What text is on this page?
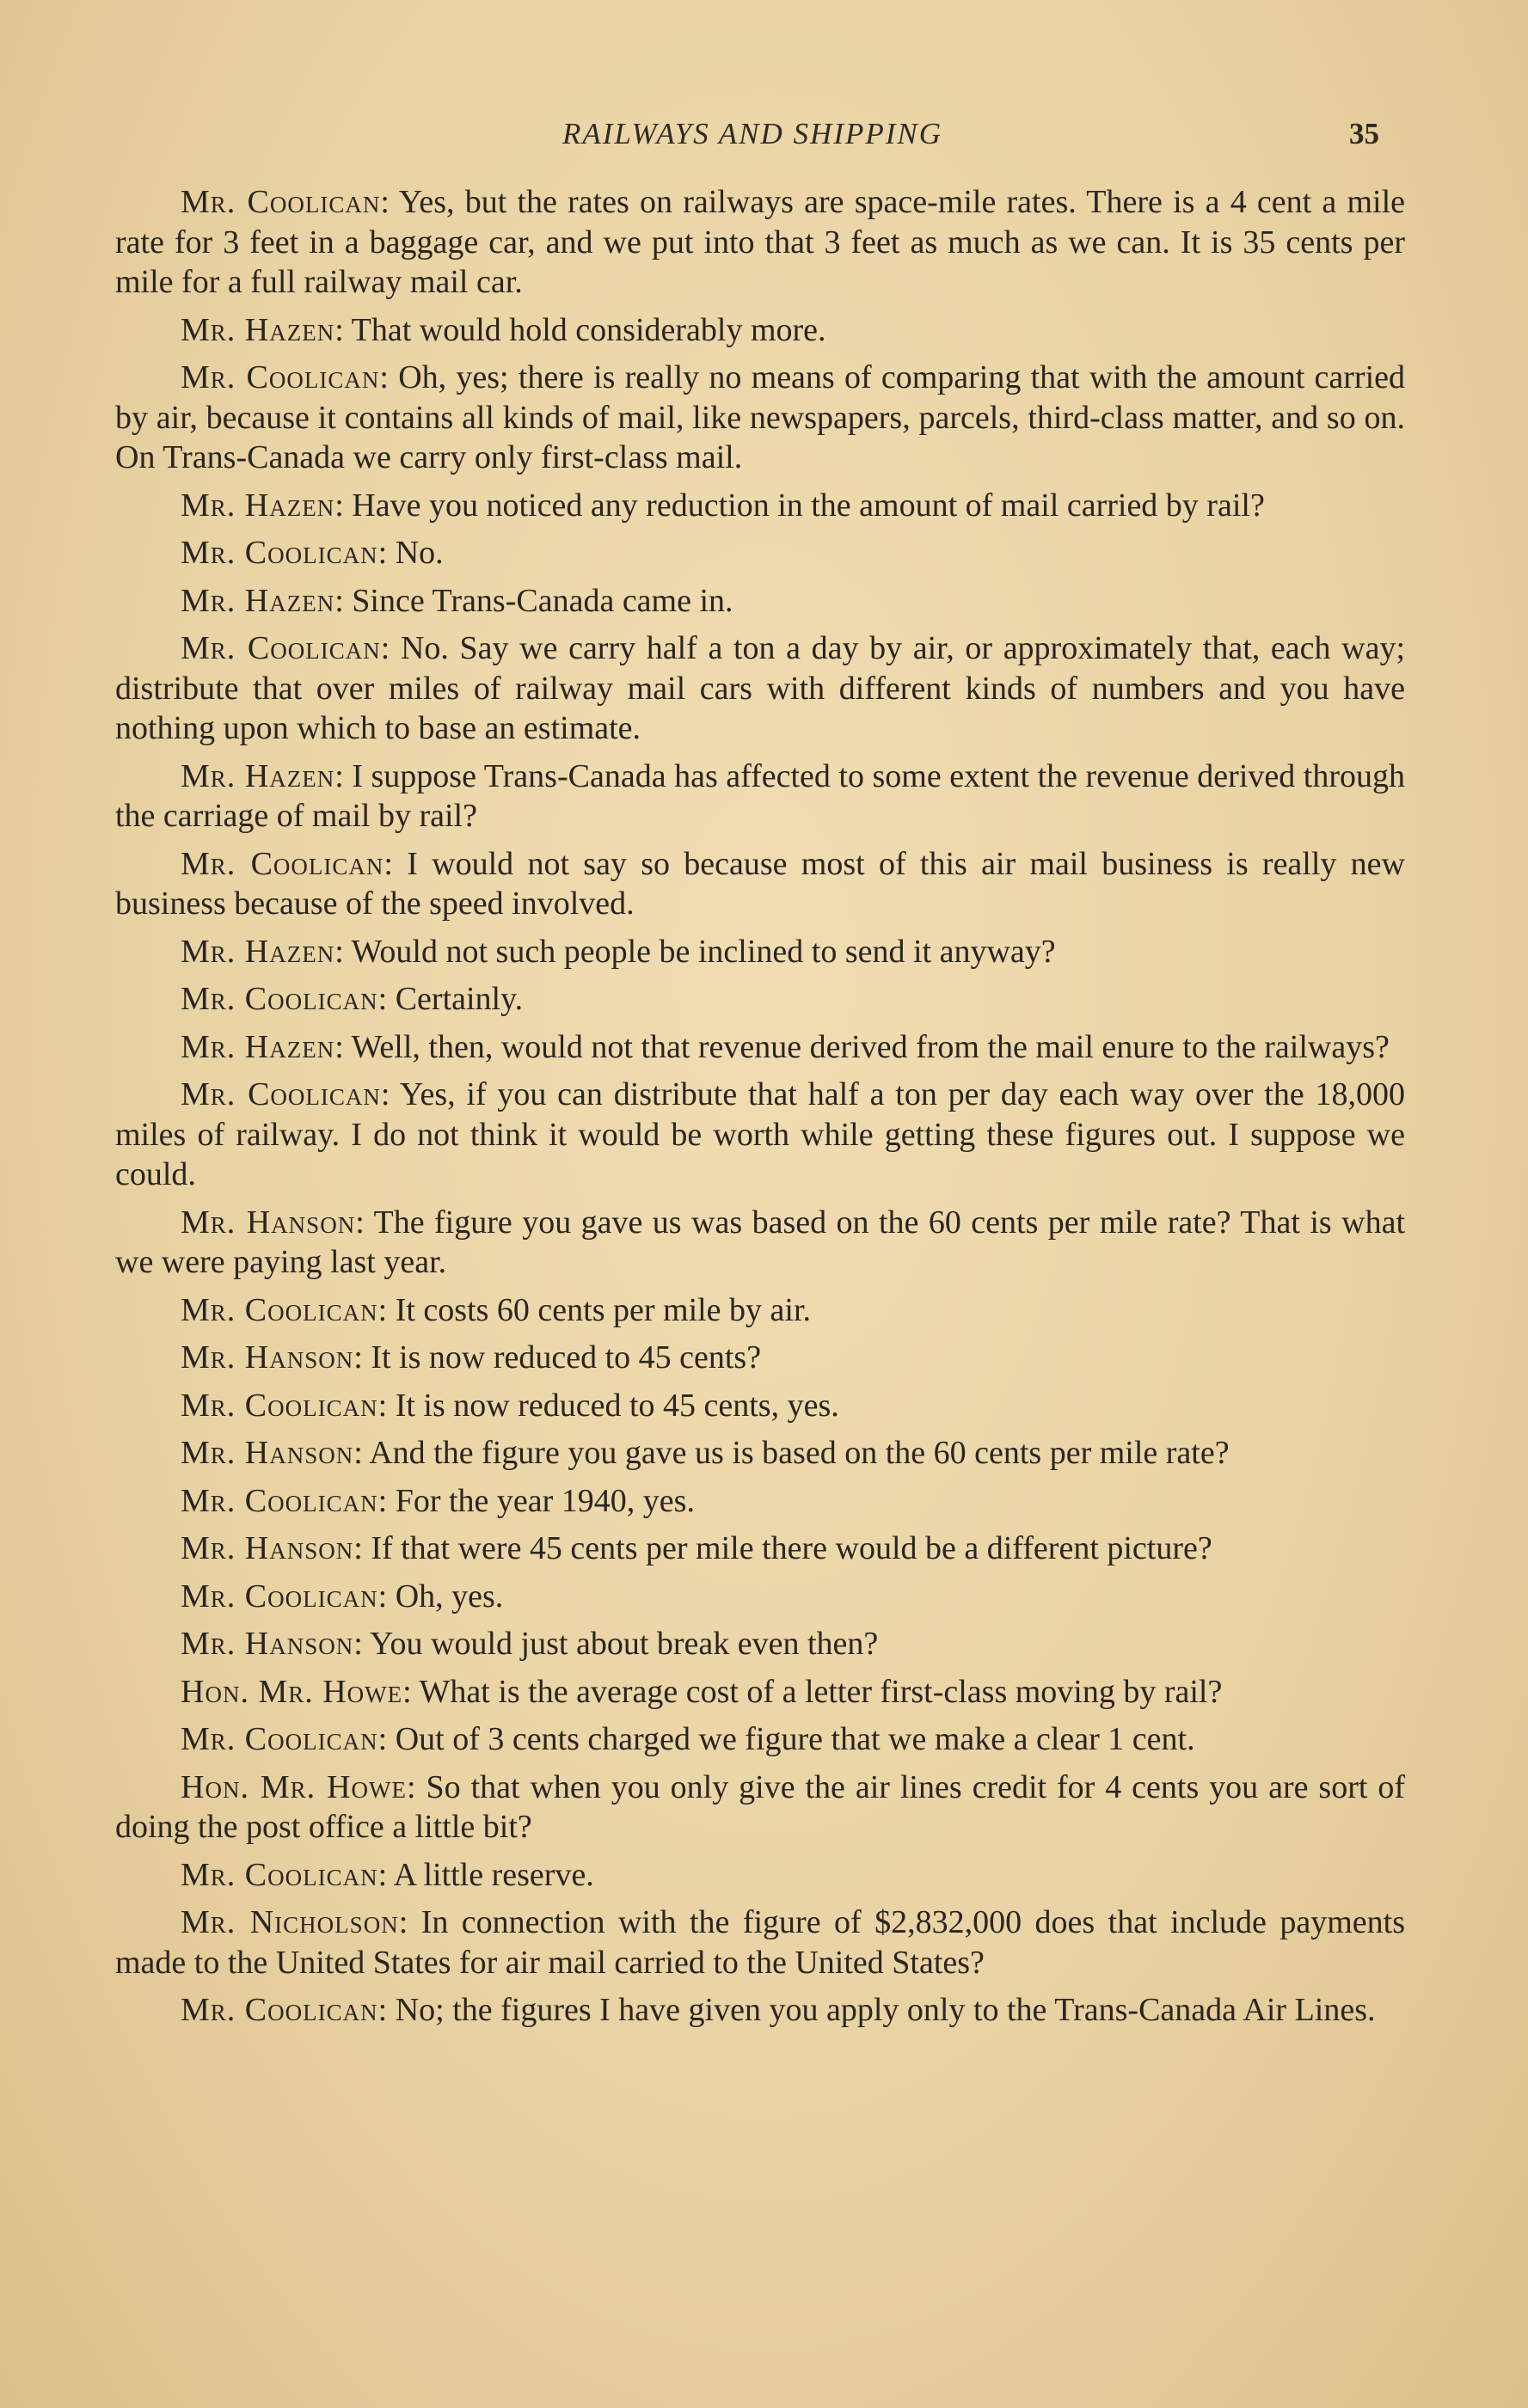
RAILWAYS AND SHIPPING	35

Mr. Coolican: Yes, but the rates on railways are space-mile rates. There is a 4 cent a mile rate for 3 feet in a baggage car, and we put into that 3 feet as much as we can. It is 35 cents per mile for a full railway mail car.

Mr. Hazen: That would hold considerably more.

Mr. Coolican: Oh, yes; there is really no means of comparing that with the amount carried by air, because it contains all kinds of mail, like newspapers, parcels, third-class matter, and so on. On Trans-Canada we carry only first-class mail.

Mr. Hazen: Have you noticed any reduction in the amount of mail carried by rail?

Mr. Coolican: No.

Mr. Hazen: Since Trans-Canada came in.

Mr. Coolican: No. Say we carry half a ton a day by air, or approximately that, each way; distribute that over miles of railway mail cars with different kinds of numbers and you have nothing upon which to base an estimate.

Mr. Hazen: I suppose Trans-Canada has affected to some extent the revenue derived through the carriage of mail by rail?

Mr. Coolican: I would not say so because most of this air mail business is really new business because of the speed involved.

Mr. Hazen: Would not such people be inclined to send it anyway?

Mr. Coolican: Certainly.

Mr. Hazen: Well, then, would not that revenue derived from the mail enure to the railways?

Mr. Coolican: Yes, if you can distribute that half a ton per day each way over the 18,000 miles of railway. I do not think it would be worth while getting these figures out. I suppose we could.

Mr. Hanson: The figure you gave us was based on the 60 cents per mile rate? That is what we were paying last year.

Mr. Coolican: It costs 60 cents per mile by air.

Mr. Hanson: It is now reduced to 45 cents?

Mr. Coolican: It is now reduced to 45 cents, yes.

Mr. Hanson: And the figure you gave us is based on the 60 cents per mile rate?

Mr. Coolican: For the year 1940, yes.

Mr. Hanson: If that were 45 cents per mile there would be a different picture?

Mr. Coolican: Oh, yes.

Mr. Hanson: You would just about break even then?

Hon. Mr. Howe: What is the average cost of a letter first-class moving by rail?

Mr. Coolican: Out of 3 cents charged we figure that we make a clear 1 cent.

Hon. Mr. Howe: So that when you only give the air lines credit for 4 cents you are sort of doing the post office a little bit?

Mr. Coolican: A little reserve.

Mr. Nicholson: In connection with the figure of $2,832,000 does that include payments made to the United States for air mail carried to the United States?

Mr. Coolican: No; the figures I have given you apply only to the Trans-Canada Air Lines.
